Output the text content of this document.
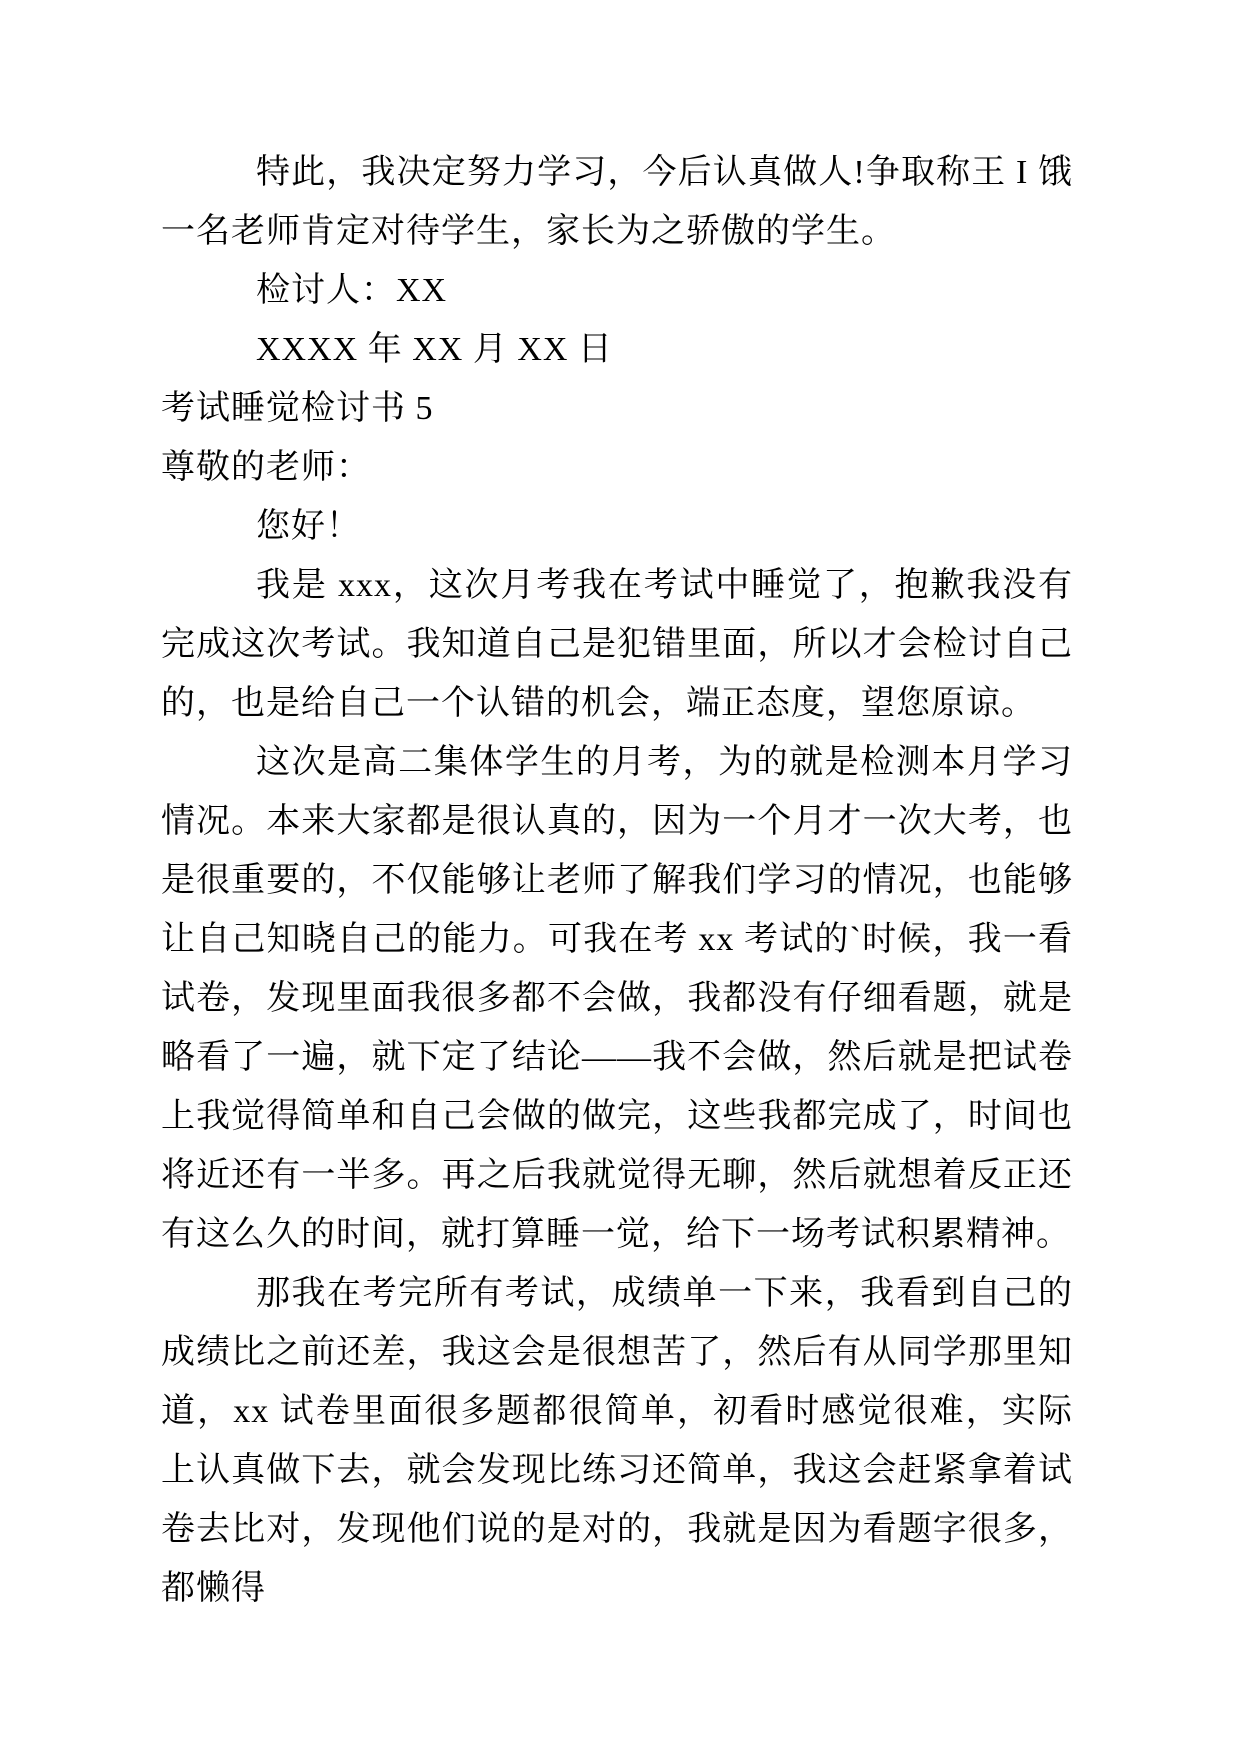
特此，我决定努力学习，今后认真做人!争取称王 I 饿一名老师肯定对待学生，家长为之骄傲的学生。

检讨人：XX

XXXX 年 XX 月 XX 日

考试睡觉检讨书 5

尊敬的老师：

您好！

我是 xxx，这次月考我在考试中睡觉了，抱歉我没有完成这次考试。我知道自己是犯错里面，所以才会检讨自己的，也是给自己一个认错的机会，端正态度，望您原谅。

这次是高二集体学生的月考，为的就是检测本月学习情况。本来大家都是很认真的，因为一个月才一次大考，也是很重要的，不仅能够让老师了解我们学习的情况，也能够让自己知晓自己的能力。可我在考 xx 考试的`时候，我一看试卷，发现里面我很多都不会做，我都没有仔细看题，就是略看了一遍，就下定了结论——我不会做，然后就是把试卷上我觉得简单和自己会做的做完，这些我都完成了，时间也将近还有一半多。再之后我就觉得无聊，然后就想着反正还有这么久的时间，就打算睡一觉，给下一场考试积累精神。

那我在考完所有考试，成绩单一下来，我看到自己的成绩比之前还差，我这会是很想苦了，然后有从同学那里知道，xx 试卷里面很多题都很简单，初看时感觉很难，实际上认真做下去，就会发现比练习还简单，我这会赶紧拿着试卷去比对，发现他们说的是对的，我就是因为看题字很多，都懒得
